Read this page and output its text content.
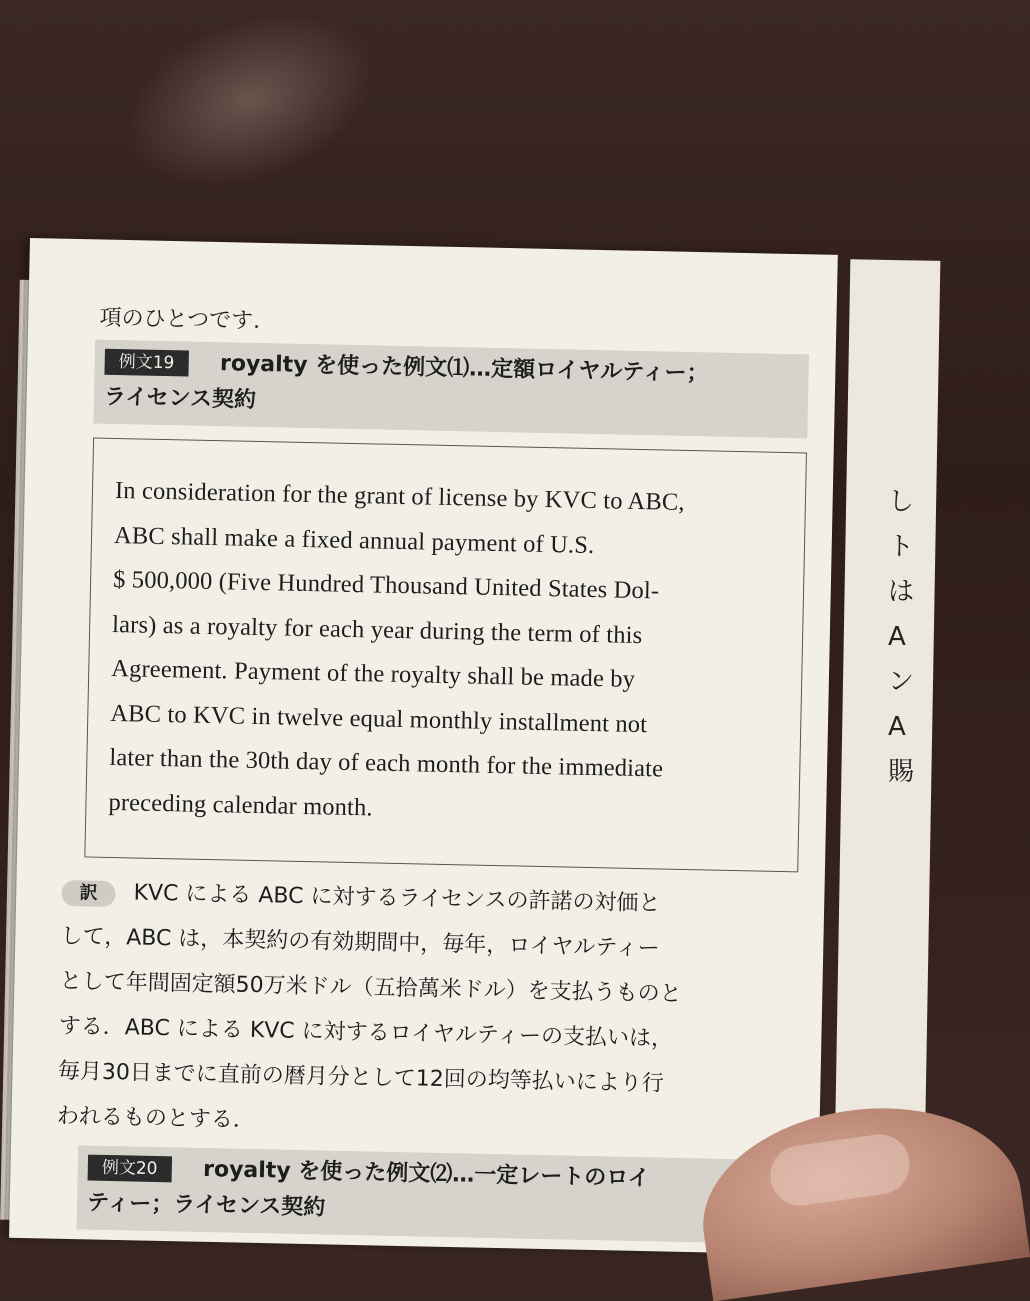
し
ト
は
A
ン
A
賜
項のひとつです.
例文19 royalty を使った例文⑴…定額ロイヤルティー；
ライセンス契約

In consideration for the grant of license by KVC to ABC,

ABC shall make a fixed annual payment of U.S.

$ 500,000 (Five Hundred Thousand United States Dol-

lars) as a royalty for each year during the term of this

Agreement. Payment of the royalty shall be made by

ABC to KVC in twelve equal monthly installment not

later than the 30th day of each month for the immediate

preceding calendar month.

訳 KVC による ABC に対するライセンスの許諾の対価と
して，ABC は，本契約の有効期間中，毎年，ロイヤルティー
として年間固定額50万米ドル（五拾萬米ドル）を支払うものと
する．ABC による KVC に対するロイヤルティーの支払いは，
毎月30日までに直前の暦月分として12回の均等払いにより行
われるものとする．
例文20 royalty を使った例文⑵…一定レートのロイ
ティー；ライセンス契約
